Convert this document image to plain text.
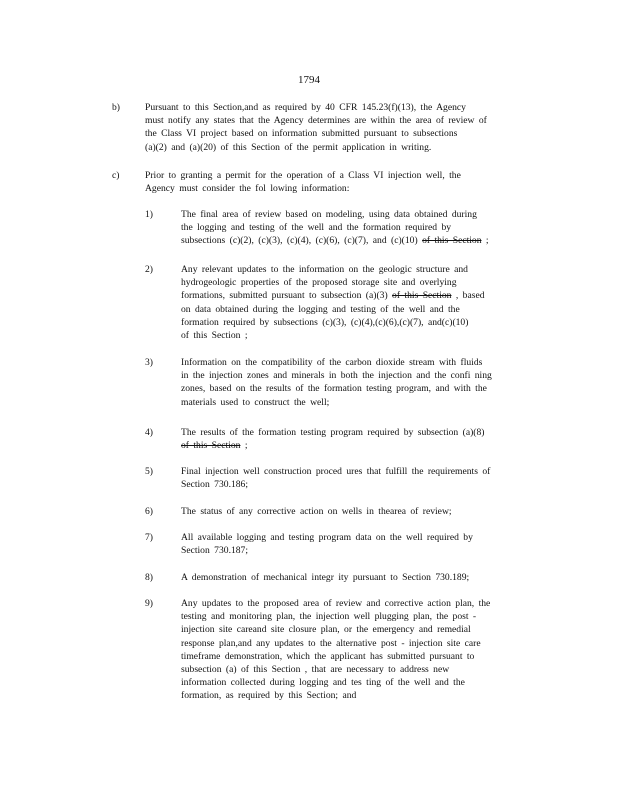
1794
b)	Pursuant to this Section,and as required by 40 CFR 145.23(f)(13), the Agency
must notify any states that the Agency determines are within the area of review of
the Class VI project based on information submitted pursuant to subsections
(a)(2) and (a)(20) of this Section of the permit application in writing.
c)	Prior to granting a permit for the operation of a Class VI injection well, the
Agency must consider the fol lowing information:
1)	The final area of review based on modeling, using data obtained during
the logging and testing of the well and the formation required by
subsections (c)(2), (c)(3), (c)(4), (c)(6), (c)(7), and (c)(10) of this Section ;
2)	Any relevant updates to the information on the geologic structure and
hydrogeologic properties of the proposed storage site and overlying
formations, submitted pursuant to subsection (a)(3) of this Section , based
on data obtained during the logging and testing of the well and the
formation required by subsections (c)(3), (c)(4),(c)(6),(c)(7), and(c)(10)
of this Section ;
3)	Information on the compatibility of the carbon dioxide stream with fluids
in the injection zones and minerals in both the injection and the confi ning
zones, based on the results of the formation testing program, and with the
materials used to construct the well;
4)	The results of the formation testing program required by subsection (a)(8)
of this Section ;
5)	Final injection well construction proced ures that fulfill the requirements of
Section 730.186;
6)	The status of any corrective action on wells in thearea of review;
7)	All available logging and testing program data on the well required by
Section 730.187;
8)	A demonstration of mechanical integr ity pursuant to Section 730.189;
9)	Any updates to the proposed area of review and corrective action plan, the
testing and monitoring plan, the injection well plugging plan, the post -
injection site careand site closure plan, or the emergency and remedial
response plan,and any updates to the alternative post - injection site care
timeframe demonstration, which the applicant has submitted pursuant to
subsection (a) of this Section , that are necessary to address new
information collected during logging and tes ting of the well and the
formation, as required by this Section; and
